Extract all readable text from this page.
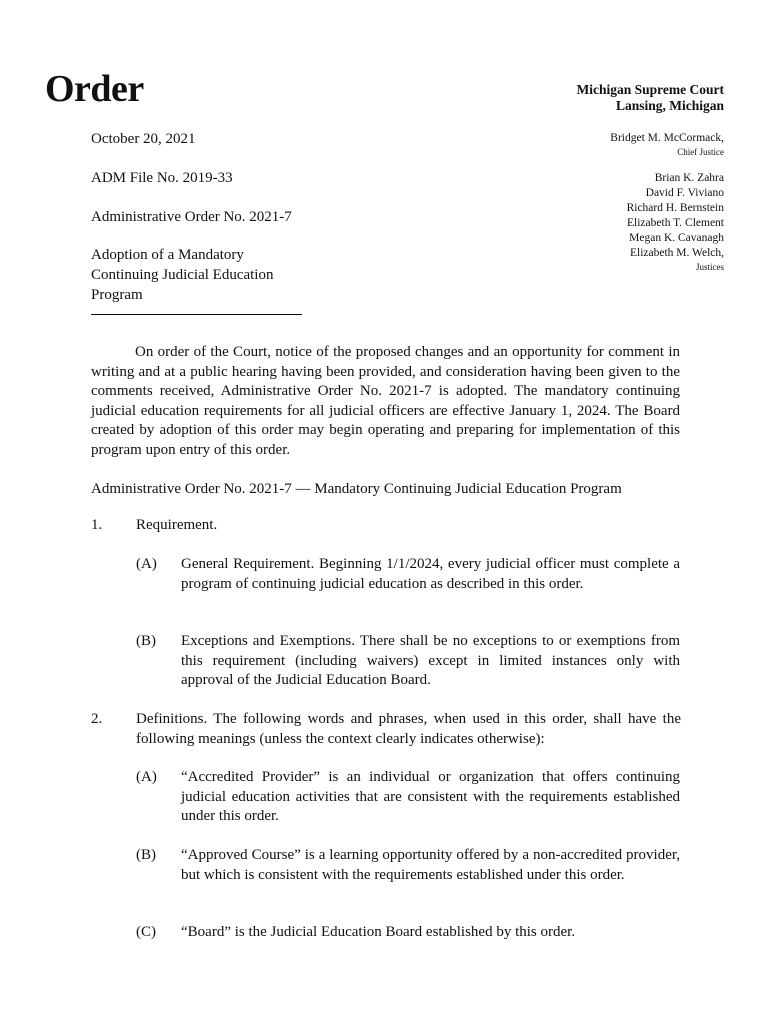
Order	Michigan Supreme Court
Lansing, Michigan
Bridget M. McCormack,
Chief Justice
Brian K. Zahra
David F. Viviano
Richard H. Bernstein
Elizabeth T. Clement
Megan K. Cavanagh
Elizabeth M. Welch,
Justices
October 20, 2021
ADM File No. 2019-33
Administrative Order No. 2021-7
Adoption of a Mandatory
Continuing Judicial Education
Program
On order of the Court, notice of the proposed changes and an opportunity for comment in writing and at a public hearing having been provided, and consideration having been given to the comments received, Administrative Order No. 2021-7 is adopted. The mandatory continuing judicial education requirements for all judicial officers are effective January 1, 2024. The Board created by adoption of this order may begin operating and preparing for implementation of this program upon entry of this order.
Administrative Order No. 2021-7 — Mandatory Continuing Judicial Education Program
1. Requirement.
(A) General Requirement. Beginning 1/1/2024, every judicial officer must complete a program of continuing judicial education as described in this order.
(B) Exceptions and Exemptions. There shall be no exceptions to or exemptions from this requirement (including waivers) except in limited instances only with approval of the Judicial Education Board.
2. Definitions. The following words and phrases, when used in this order, shall have the following meanings (unless the context clearly indicates otherwise):
(A) “Accredited Provider” is an individual or organization that offers continuing judicial education activities that are consistent with the requirements established under this order.
(B) “Approved Course” is a learning opportunity offered by a non-accredited provider, but which is consistent with the requirements established under this order.
(C) “Board” is the Judicial Education Board established by this order.
